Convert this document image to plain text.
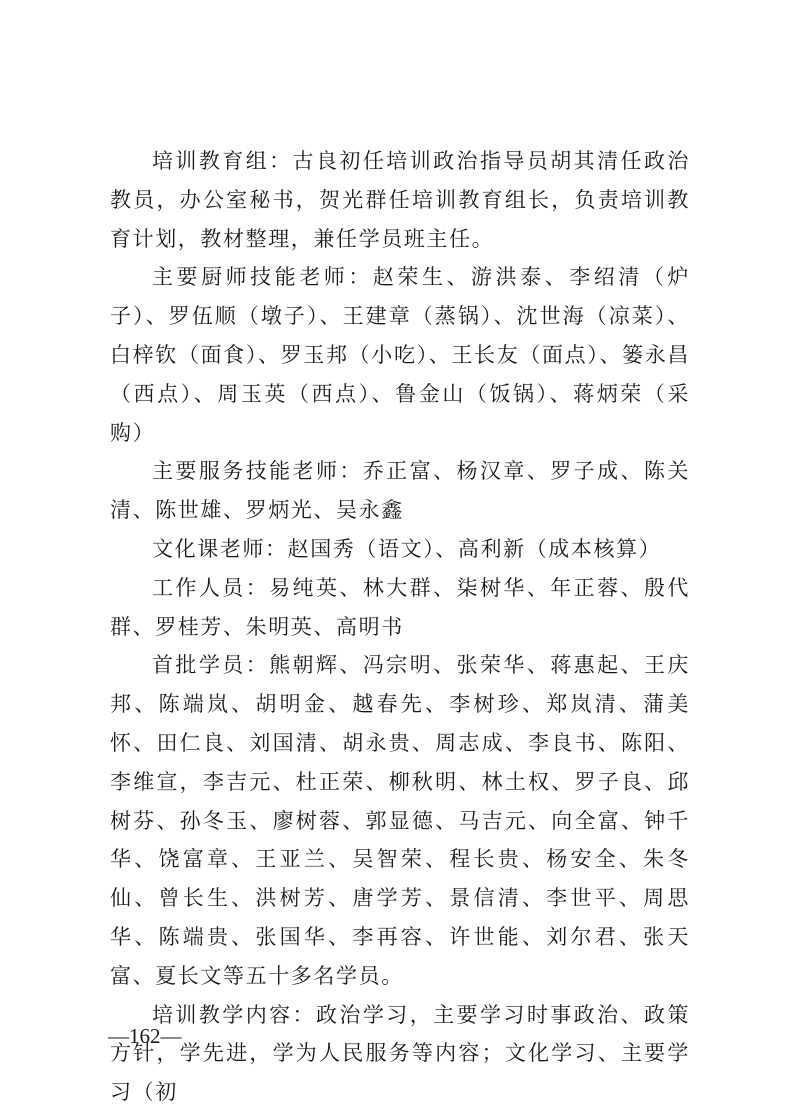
培训教育组：古良初任培训政治指导员胡其清任政治教员，办公室秘书，贺光群任培训教育组长，负责培训教育计划，教材整理，兼任学员班主任。

主要厨师技能老师：赵荣生、游洪泰、李绍清（炉子）、罗伍顺（墩子）、王建章（蒸锅）、沈世海（凉菜）、白梓钦（面食）、罗玉邦（小吃）、王长友（面点）、篓永昌（西点）、周玉英（西点）、鲁金山（饭锅）、蒋炳荣（采购）

主要服务技能老师：乔正富、杨汉章、罗子成、陈关清、陈世雄、罗炳光、吴永鑫

文化课老师：赵国秀（语文）、高利新（成本核算）

工作人员：易纯英、林大群、柒树华、年正蓉、殷代群、罗桂芳、朱明英、高明书

首批学员：熊朝辉、冯宗明、张荣华、蒋惠起、王庆邦、陈端岚、胡明金、越春先、李树珍、郑岚清、蒲美怀、田仁良、刘国清、胡永贵、周志成、李良书、陈阳、李维宣，李吉元、杜正荣、柳秋明、林土权、罗子良、邱树芬、孙冬玉、廖树蓉、郭显德、马吉元、向全富、钟千华、饶富章、王亚兰、吴智荣、程长贵、杨安全、朱冬仙、曾长生、洪树芳、唐学芳、景信清、李世平、周思华、陈端贵、张国华、李再容、许世能、刘尔君、张天富、夏长文等五十多名学员。

培训教学内容：政治学习，主要学习时事政治、政策方针，学先进，学为人民服务等内容；文化学习、主要学习（初

—162—
